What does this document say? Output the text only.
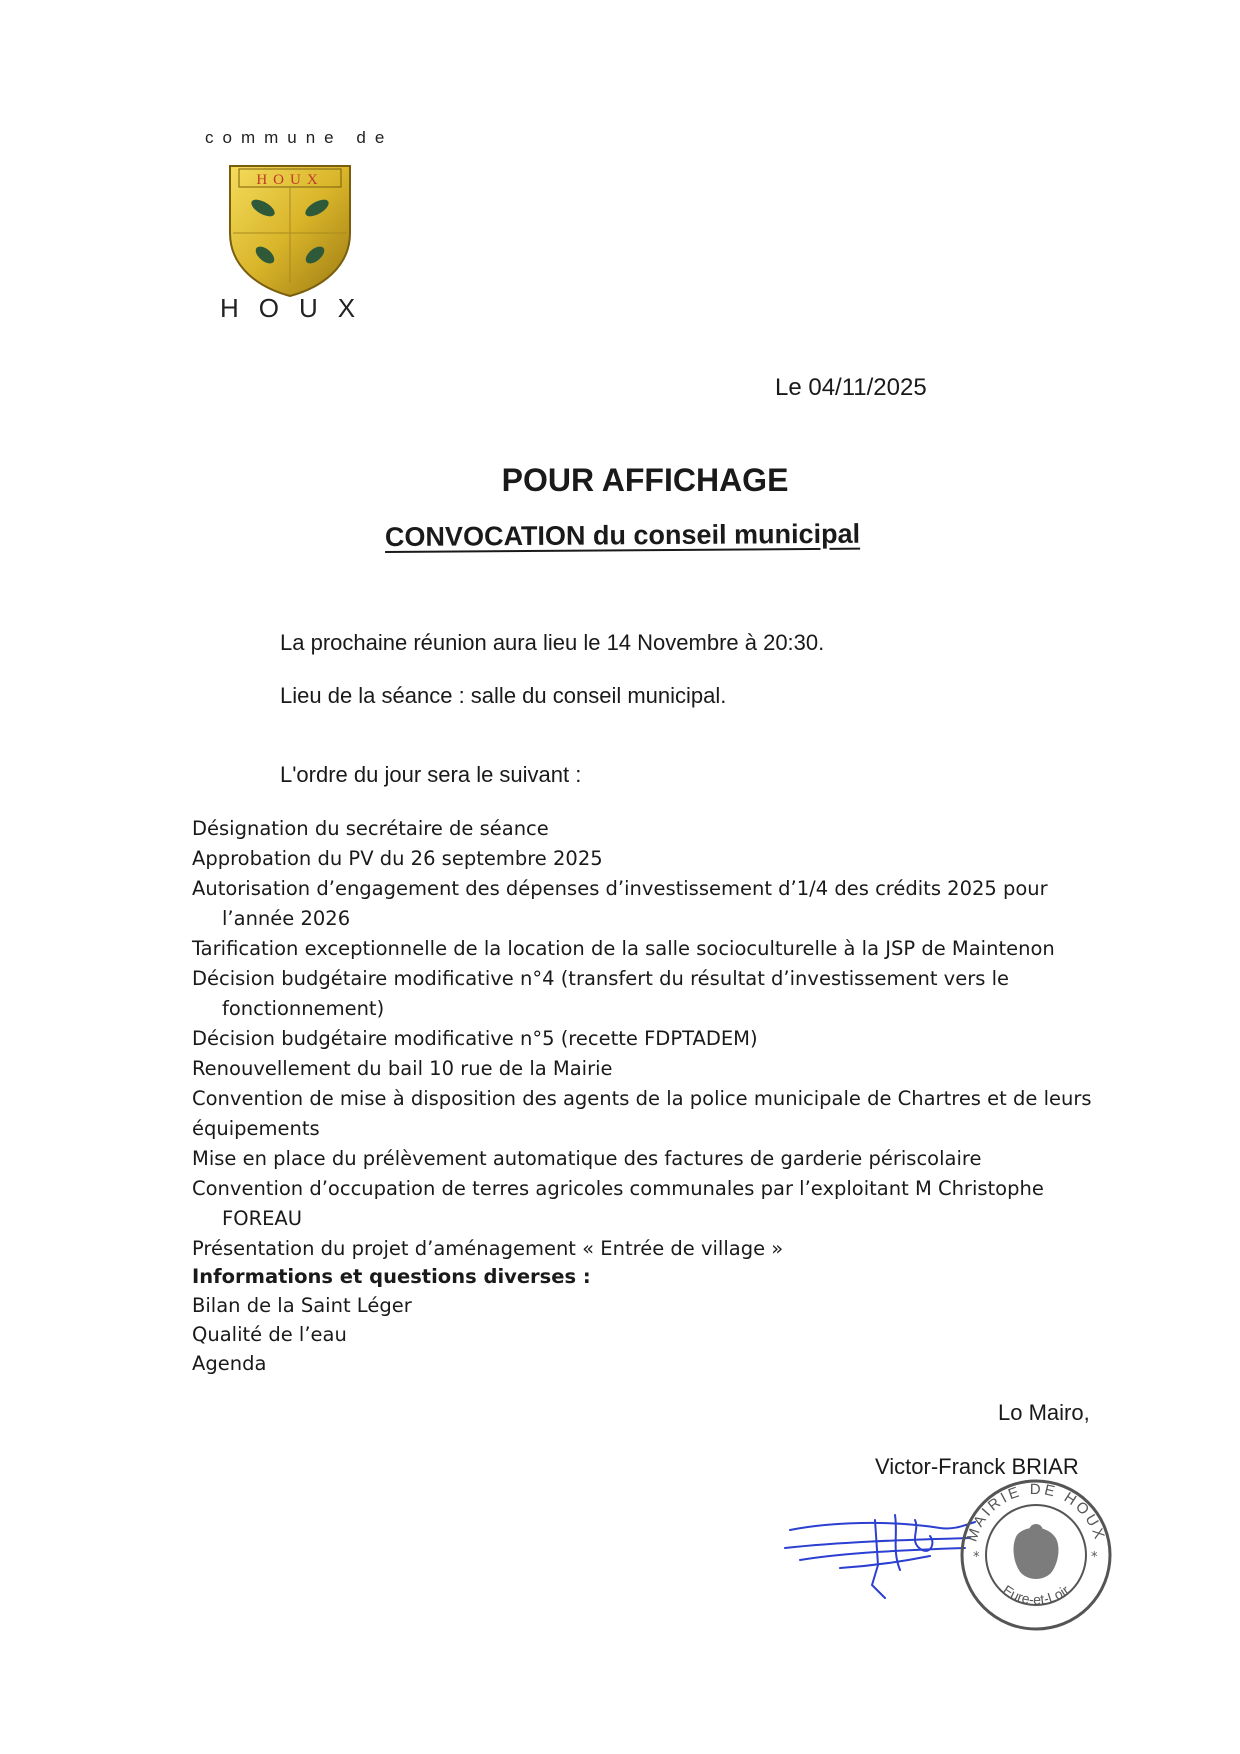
commune de
HOUX
HOUX
Le 04/11/2025
POUR AFFICHAGE
CONVOCATION du conseil municipal
La prochaine réunion aura lieu le 14 Novembre à 20:30.
Lieu de la séance : salle du conseil municipal.
L'ordre du jour sera le suivant :
Désignation du secrétaire de séance
Approbation du PV du 26 septembre 2025
Autorisation d’engagement des dépenses d’investissement d’1/4 des crédits 2025 pour l’année 2026
Tarification exceptionnelle de la location de la salle socioculturelle à la JSP de Maintenon
Décision budgétaire modificative n°4 (transfert du résultat d’investissement vers le fonctionnement)
Décision budgétaire modificative n°5 (recette FDPTADEM)
Renouvellement du bail 10 rue de la Mairie
Convention de mise à disposition des agents de la police municipale de Chartres et de leurs équipements
Mise en place du prélèvement automatique des factures de garderie périscolaire
Convention d’occupation de terres agricoles communales par l’exploitant M Christophe FOREAU
Présentation du projet d’aménagement « Entrée de village »
Informations et questions diverses :
Bilan de la Saint Léger
Qualité de l’eau
Agenda
Lo Mairo,
Victor-Franck BRIAR
MAIRIE DE HOUX
Eure-et-Loir
*	*
